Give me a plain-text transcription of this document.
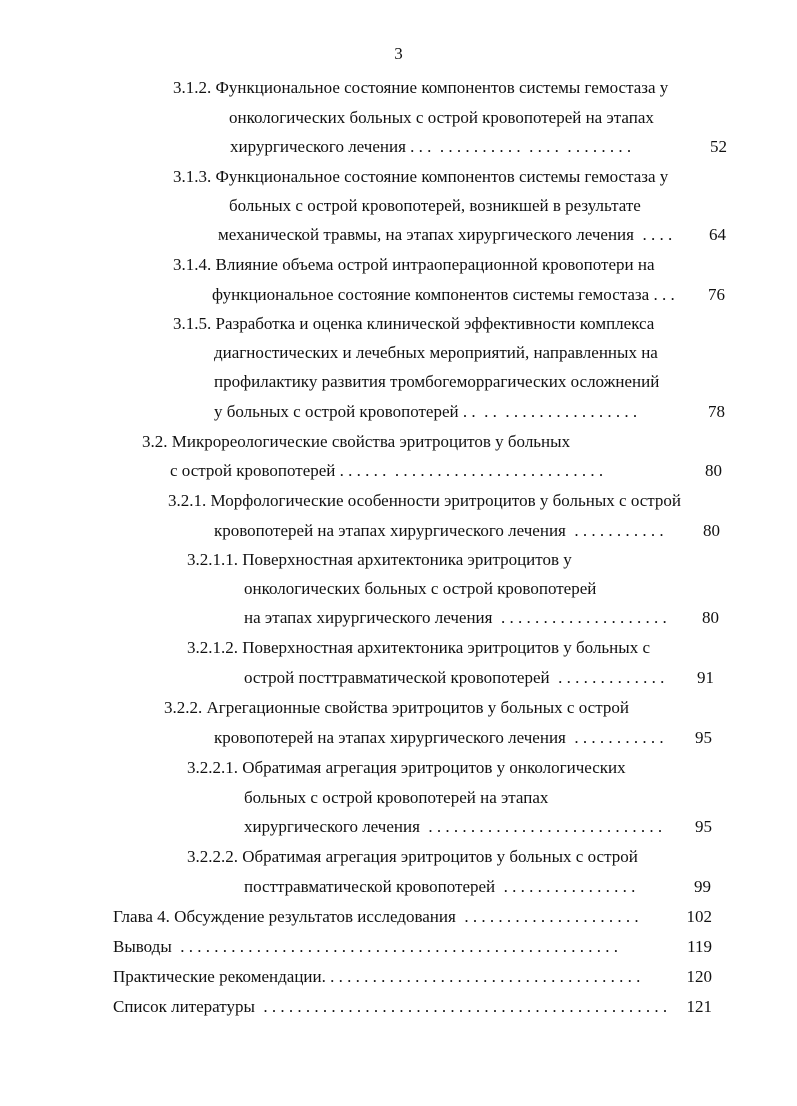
3
3.1.2. Функциональное состояние компонентов системы гемостаза у
онкологических больных с острой кровопотерей на этапах
хирургического лечения . . .  . . . . . . . . . .  . . . .  . . . . . . . .	52
3.1.3. Функциональное состояние компонентов системы гемостаза у
больных с острой кровопотерей, возникшей в результате
механической травмы, на этапах хирургического лечения . . . .	64
3.1.4. Влияние объема острой интраоперационной кровопотери на
функциональное состояние компонентов системы гемостаза . . .	76
3.1.5. Разработка и оценка клинической эффективности комплекса
диагностических и лечебных мероприятий, направленных на
профилактику развития тромбогеморрагических осложнений
у больных с острой кровопотерей . .  . .  . . . . . . . . . . . . . . . .	78
3.2. Микрореологические свойства эритроцитов у больных
с острой кровопотерей . . . . . .  . . . . . . . . . . . . . . . . . . . . . . . . .	80
3.2.1. Морфологические особенности эритроцитов у больных с острой
кровопотерей на этапах хирургического лечения . . . . . . . . . . .	80
3.2.1.1. Поверхностная архитектоника эритроцитов у
онкологических больных с острой кровопотерей
на этапах хирургического лечения . . . . . . . . . . . . . . . . . . . .	80
3.2.1.2. Поверхностная архитектоника эритроцитов у больных с
острой посттравматической кровопотерей . . . . . . . . . . . . .	91
3.2.2. Агрегационные свойства эритроцитов у больных с острой
кровопотерей на этапах хирургического лечения . . . . . . . . . . .	95
3.2.2.1. Обратимая агрегация эритроцитов у онкологических
больных с острой кровопотерей на этапах
хирургического лечения . . . . . . . . . . . . . . . . . . . . . . . . . . . .	95
3.2.2.2. Обратимая агрегация эритроцитов у больных с острой
посттравматической кровопотерей . . . . . . . . . . . . . . . .	99
Глава 4. Обсуждение результатов исследования . . . . . . . . . . . . . . . . . . . . .	102
Выводы . . . . . . . . . . . . . . . . . . . . . . . . . . . . . . . . . . . . . . . . . . . . . . . . . . . .	119
Практические рекомендации . . . . . . . . . . . . . . . . . . . . . . . . . . . . . . . . . . . . . .	120
Список литературы . . . . . . . . . . . . . . . . . . . . . . . . . . . . . . . . . . . . . . . . . . . . . . . .	121
